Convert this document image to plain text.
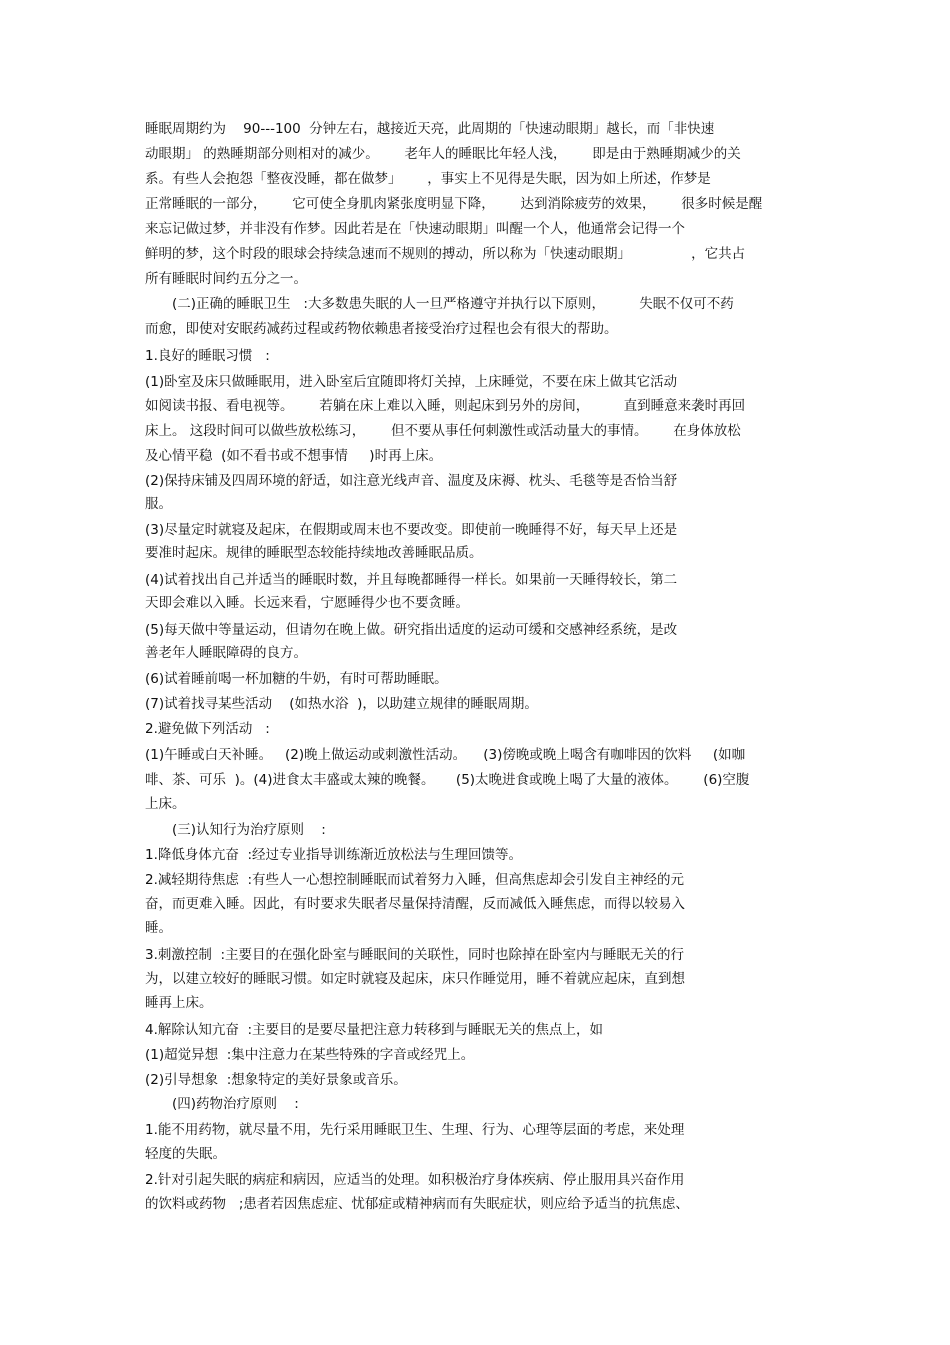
睡眠周期约为    90---100  分钟左右，越接近天亮，此周期的「快速动眼期」越长，而「非快速

动眼期」 的熟睡期部分则相对的减少。      老年人的睡眠比年轻人浅，      即是由于熟睡期减少的关

系。有些人会抱怨「整夜没睡，都在做梦」      ，事实上不见得是失眠，因为如上所述，作梦是

正常睡眠的一部分，      它可使全身肌肉紧张度明显下降，      达到消除疲劳的效果，      很多时候是醒

来忘记做过梦，并非没有作梦。因此若是在「快速动眼期」叫醒一个人，他通常会记得一个

鲜明的梦，这个时段的眼球会持续急速而不规则的搏动，所以称为「快速动眼期」              ，它共占

所有睡眠时间约五分之一。

(二)正确的睡眠卫生   :大多数患失眠的人一旦严格遵守并执行以下原则，        失眠不仅可不药

而愈，即使对安眠药减药过程或药物依赖患者接受治疗过程也会有很大的帮助。

1.良好的睡眠习惯   :

(1)卧室及床只做睡眠用，进入卧室后宜随即将灯关掉，上床睡觉，不要在床上做其它活动

如阅读书报、看电视等。      若躺在床上难以入睡，则起床到另外的房间，        直到睡意来袭时再回

床上。 这段时间可以做些放松练习，      但不要从事任何刺激性或活动量大的事情。      在身体放松

及心情平稳  (如不看书或不想事情     )时再上床。

(2)保持床铺及四周环境的舒适，如注意光线声音、温度及床褥、枕头、毛毯等是否恰当舒

服。

(3)尽量定时就寝及起床，在假期或周末也不要改变。即使前一晚睡得不好，每天早上还是

要准时起床。规律的睡眠型态较能持续地改善睡眠品质。

(4)试着找出自己并适当的睡眠时数，并且每晚都睡得一样长。如果前一天睡得较长，第二

天即会难以入睡。长远来看，宁愿睡得少也不要贪睡。

(5)每天做中等量运动，但请勿在晚上做。研究指出适度的运动可缓和交感神经系统，是改

善老年人睡眠障碍的良方。

(6)试着睡前喝一杯加糖的牛奶，有时可帮助睡眠。

(7)试着找寻某些活动    (如热水浴  )，以助建立规律的睡眠周期。

2.避免做下列活动   :

(1)午睡或白天补睡。   (2)晚上做运动或刺激性活动。    (3)傍晚或晚上喝含有咖啡因的饮料     (如咖

啡、茶、可乐  )。(4)进食太丰盛或太辣的晚餐。     (5)太晚进食或晚上喝了大量的液体。      (6)空腹

上床。

(三)认知行为治疗原则    :

1.降低身体亢奋  :经过专业指导训练渐近放松法与生理回馈等。

2.减轻期待焦虑  :有些人一心想控制睡眠而试着努力入睡，但高焦虑却会引发自主神经的元

奋，而更难入睡。因此，有时要求失眠者尽量保持清醒，反而减低入睡焦虑，而得以较易入

睡。

3.刺激控制  :主要目的在强化卧室与睡眠间的关联性，同时也除掉在卧室内与睡眠无关的行

为，以建立较好的睡眠习惯。如定时就寝及起床，床只作睡觉用，睡不着就应起床，直到想

睡再上床。

4.解除认知亢奋  :主要目的是要尽量把注意力转移到与睡眠无关的焦点上，如

(1)超觉异想  :集中注意力在某些特殊的字音或经咒上。

(2)引导想象  :想象特定的美好景象或音乐。

(四)药物治疗原则    :

1.能不用药物，就尽量不用，先行采用睡眠卫生、生理、行为、心理等层面的考虑，来处理

轻度的失眠。

2.针对引起失眠的病症和病因，应适当的处理。如积极治疗身体疾病、停止服用具兴奋作用

的饮料或药物   ;患者若因焦虑症、忧郁症或精神病而有失眠症状，则应给予适当的抗焦虑、
